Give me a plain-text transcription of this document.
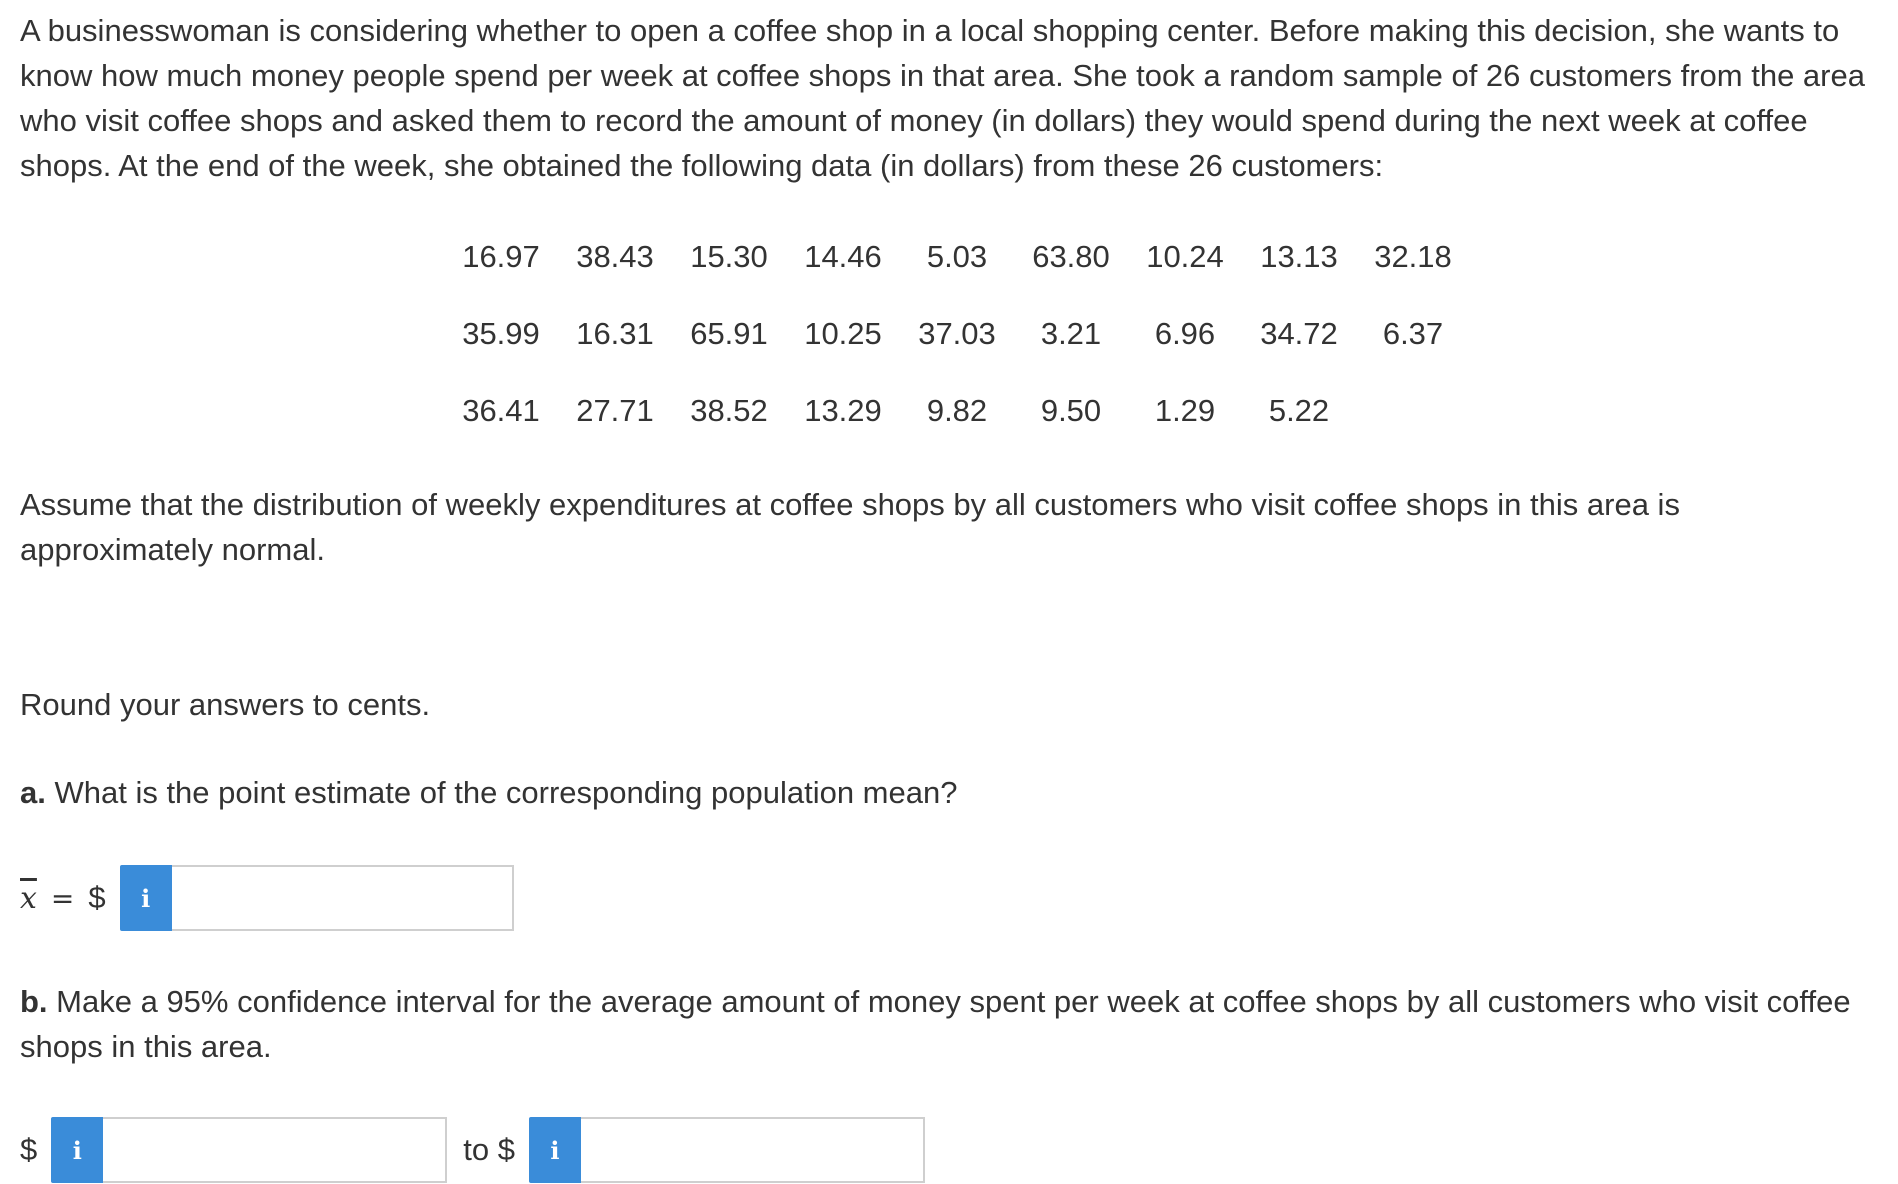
A businesswoman is considering whether to open a coffee shop in a local shopping center. Before making this decision, she wants to know how much money people spend per week at coffee shops in that area. She took a random sample of 26 customers from the area who visit coffee shops and asked them to record the amount of money (in dollars) they would spend during the next week at coffee shops. At the end of the week, she obtained the following data (in dollars) from these 26 customers:

16.97	38.43	15.30	14.46	5.03	63.80	10.24	13.13	32.18
35.99	16.31	65.91	10.25	37.03	3.21	6.96	34.72	6.37
36.41	27.71	38.52	13.29	9.82	9.50	1.29	5.22	

Assume that the distribution of weekly expenditures at coffee shops by all customers who visit coffee shops in this area is approximately normal.

Round your answers to cents.

a. What is the point estimate of the corresponding population mean?

$\overline{x}$ = $	i

b. Make a 95% confidence interval for the average amount of money spent per week at coffee shops by all customers who visit coffee shops in this area.

$	i	to $	i
